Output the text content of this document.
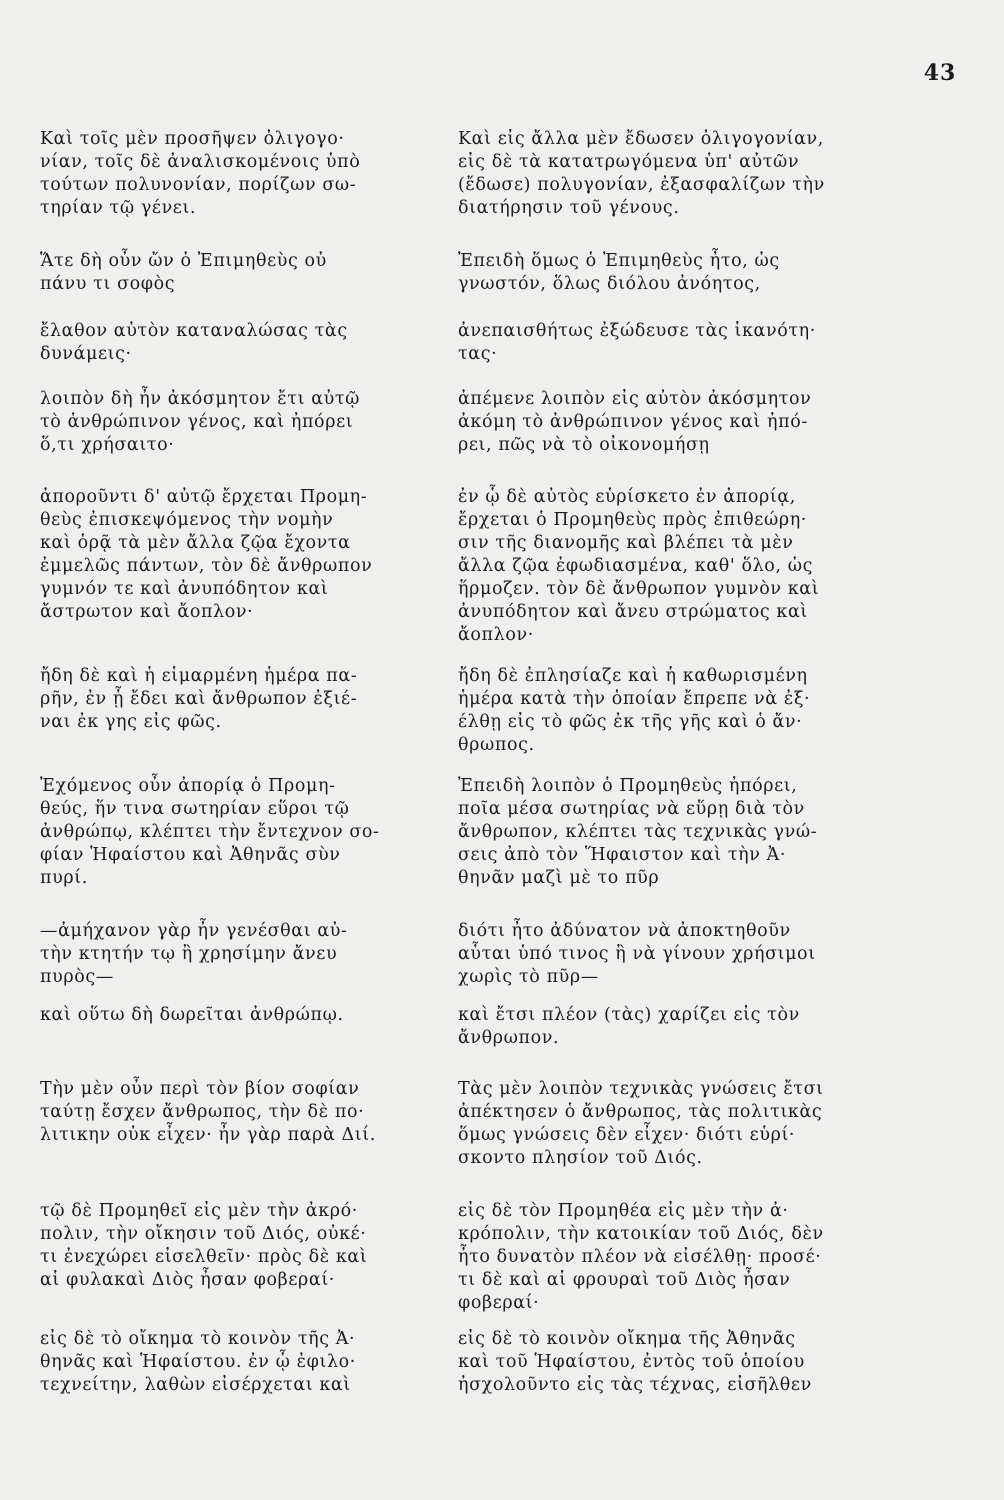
43

Καὶ τοῖς μὲν προσῆψεν ὀλιγογο·
νίαν, τοῖς δὲ ἀναλισκομένοις ὑπὸ
τούτων πολυνονίαν, πορίζων σω-
τηρίαν τῷ γένει.

Καὶ εἰς ἄλλα μὲν ἔδωσεν ὀλιγογονίαν,
εἰς δὲ τὰ κατατρωγόμενα ὑπ' αὐτῶν
(ἔδωσε) πολυγονίαν, ἐξασφαλίζων τὴν
διατήρησιν τοῦ γένους.

Ἅτε δὴ οὖν ὤν ὁ Ἐπιμηθεὺς οὐ
πάνυ τι σοφὸς

Ἐπειδὴ ὅμως ὁ Ἐπιμηθεὺς ἦτο, ὡς
γνωστόν, ὅλως διόλου ἀνόητος,

ἔλαθον αὐτὸν καταναλώσας τὰς
δυνάμεις·

ἀνεπαισθήτως ἐξώδευσε τὰς ἱκανότη·
τας·

λοιπὸν δὴ ἦν ἀκόσμητον ἔτι αὐτῷ
τὸ ἀνθρώπινον γένος, καὶ ἠπόρει
ὅ,τι χρήσαιτο·

ἀπέμενε λοιπὸν εἰς αὐτὸν ἀκόσμητον
ἀκόμη τὸ ἀνθρώπινον γένος καὶ ἠπό-
ρει, πῶς νὰ τὸ οἰκονομήσῃ

ἀποροῦντι δ' αὐτῷ ἔρχεται Προμη-
θεὺς ἐπισκεψόμενος τὴν νομὴν
καὶ ὁρᾷ τὰ μὲν ἄλλα ζῷα ἔχοντα
ἐμμελῶς πάντων, τὸν δὲ ἄνθρωπον
γυμνόν τε καὶ ἀνυπόδητον καὶ
ἄστρωτον καὶ ἄοπλον·

ἐν ᾧ δὲ αὐτὸς εὑρίσκετο ἐν ἀπορίᾳ,
ἔρχεται ὁ Προμηθεὺς πρὸς ἐπιθεώρη·
σιν τῆς διανομῆς καὶ βλέπει τὰ μὲν
ἄλλα ζῷα ἐφωδιασμένα, καθ' ὅλο, ὡς
ἥρμοζεν. τὸν δὲ ἄνθρωπον γυμνὸν καὶ
ἀνυπόδητον καὶ ἄνευ στρώματος καὶ
ἄοπλον·

ἤδη δὲ καὶ ἡ εἱμαρμένη ἡμέρα πα-
ρῆν, ἐν ᾗ ἔδει καὶ ἄνθρωπον ἐξιέ-
ναι ἐκ γης εἰς φῶς.

ἤδη δὲ ἐπλησίαζε καὶ ἡ καθωρισμένη
ἡμέρα κατὰ τὴν ὁποίαν ἔπρεπε νὰ ἐξ·
έλθῃ εἰς τὸ φῶς ἐκ τῆς γῆς καὶ ὁ ἄν·
θρωπος.

Ἐχόμενος οὖν ἀπορίᾳ ὁ Προμη-
θεύς, ἥν τινα σωτηρίαν εὕροι τῷ
ἀνθρώπῳ, κλέπτει τὴν ἔντεχνον σο-
φίαν Ἡφαίστου καὶ Ἀθηνᾶς σὺν
πυρί.

Ἐπειδὴ λοιπὸν ὁ Προμηθεὺς ἠπόρει,
ποῖα μέσα σωτηρίας νὰ εὕρῃ διὰ τὸν
ἄνθρωπον, κλέπτει τὰς τεχνικὰς γνώ-
σεις ἀπὸ τὸν Ἥφαιστον καὶ τὴν Ἀ·
θηνᾶν μαζὶ μὲ το πῦρ

—ἀμήχανον γὰρ ἦν γενέσθαι αὐ-
τὴν κτητήν τῳ ἢ χρησίμην ἄνευ
πυρὸς—

διότι ἦτο ἀδύνατον νὰ ἀποκτηθοῦν
αὗται ὑπό τινος ἢ νὰ γίνουν χρήσιμοι
χωρὶς τὸ πῦρ—

καὶ οὕτω δὴ δωρεῖται ἀνθρώπῳ.	καὶ ἔτσι πλέον (τὰς) χαρίζει εἰς τὸν
ἄνθρωπον.

Τὴν μὲν οὖν περὶ τὸν βίον σοφίαν
ταύτῃ ἔσχεν ἄνθρωπος, τὴν δὲ πο·
λιτικην οὐκ εἶχεν· ἦν γὰρ παρὰ Διί.

Τὰς μὲν λοιπὸν τεχνικὰς γνώσεις ἔτσι
ἀπέκτησεν ὁ ἄνθρωπος, τὰς πολιτικὰς
ὅμως γνώσεις δὲν εἶχεν· διότι εὑρί·
σκοντο πλησίον τοῦ Διός.

τῷ δὲ Προμηθεῖ εἰς μὲν τὴν ἀκρό·
πολιν, τὴν οἴκησιν τοῦ Διός, οὐκέ·
τι ἐνεχώρει εἰσελθεῖν· πρὸς δὲ καὶ
αἱ φυλακαὶ Διὸς ἦσαν φοβεραί·

εἰς δὲ τὸν Προμηθέα εἰς μὲν τὴν ἀ·
κρόπολιν, τὴν κατοικίαν τοῦ Διός, δὲν
ἦτο δυνατὸν πλέον νὰ εἰσέλθῃ· προσέ·
τι δὲ καὶ αἱ φρουραὶ τοῦ Διὸς ἦσαν
φοβεραί·

εἰς δὲ τὸ οἴκημα τὸ κοινὸν τῆς Ἀ·
θηνᾶς καὶ Ἡφαίστου. ἐν ᾧ ἐφιλο·
τεχνείτην, λαθὼν εἰσέρχεται καὶ

εἰς δὲ τὸ κοινὸν οἴκημα τῆς Ἀθηνᾶς
καὶ τοῦ Ἡφαίστου, ἐντὸς τοῦ ὁποίου
ἠσχολοῦντο εἰς τὰς τέχνας, εἰσῆλθεν
